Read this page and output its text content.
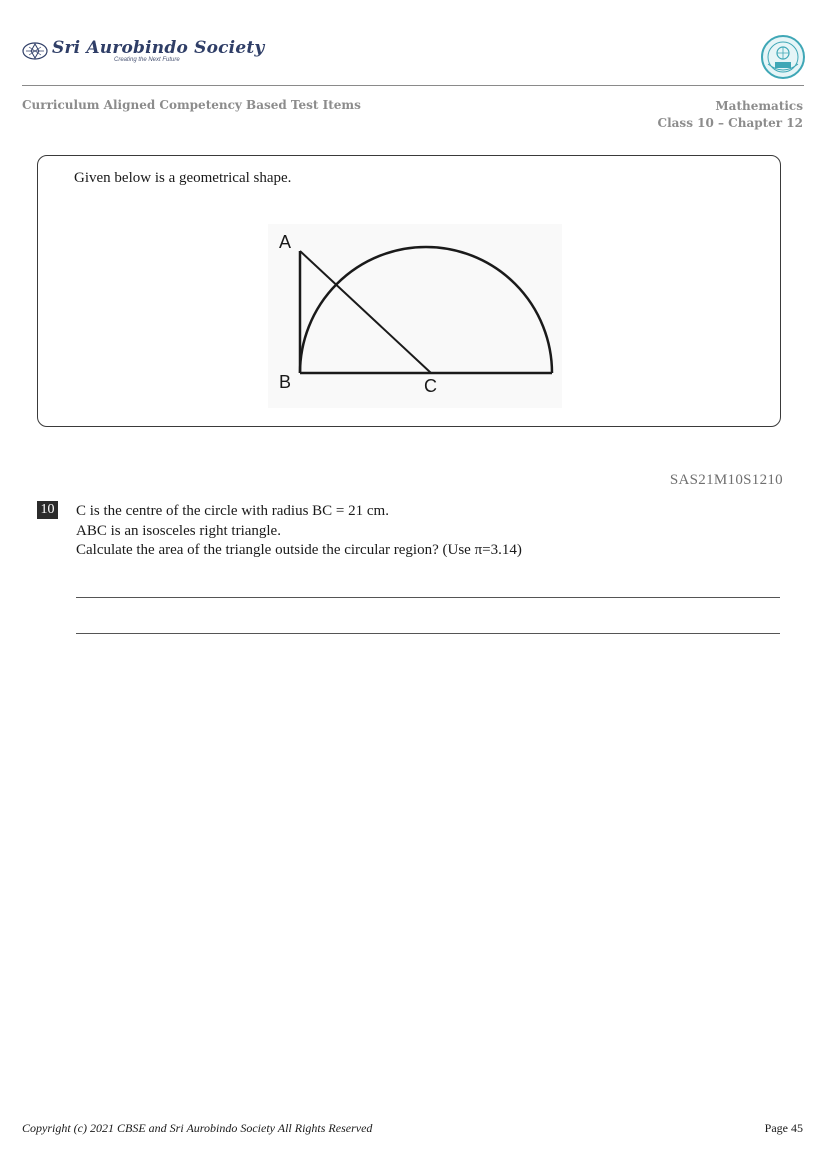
Sri Aurobindo Society
Creating the Next Future
Curriculum Aligned Competency Based Test Items	Mathematics
Class 10 – Chapter 12
Given below is a geometrical shape.
A
B	C
SAS21M10S1210
10 C is the centre of the circle with radius BC = 21 cm.
ABC is an isosceles right triangle.
Calculate the area of the triangle outside the circular region? (Use π=3.14)
Copyright (c) 2021 CBSE and Sri Aurobindo Society All Rights Reserved	Page 45
